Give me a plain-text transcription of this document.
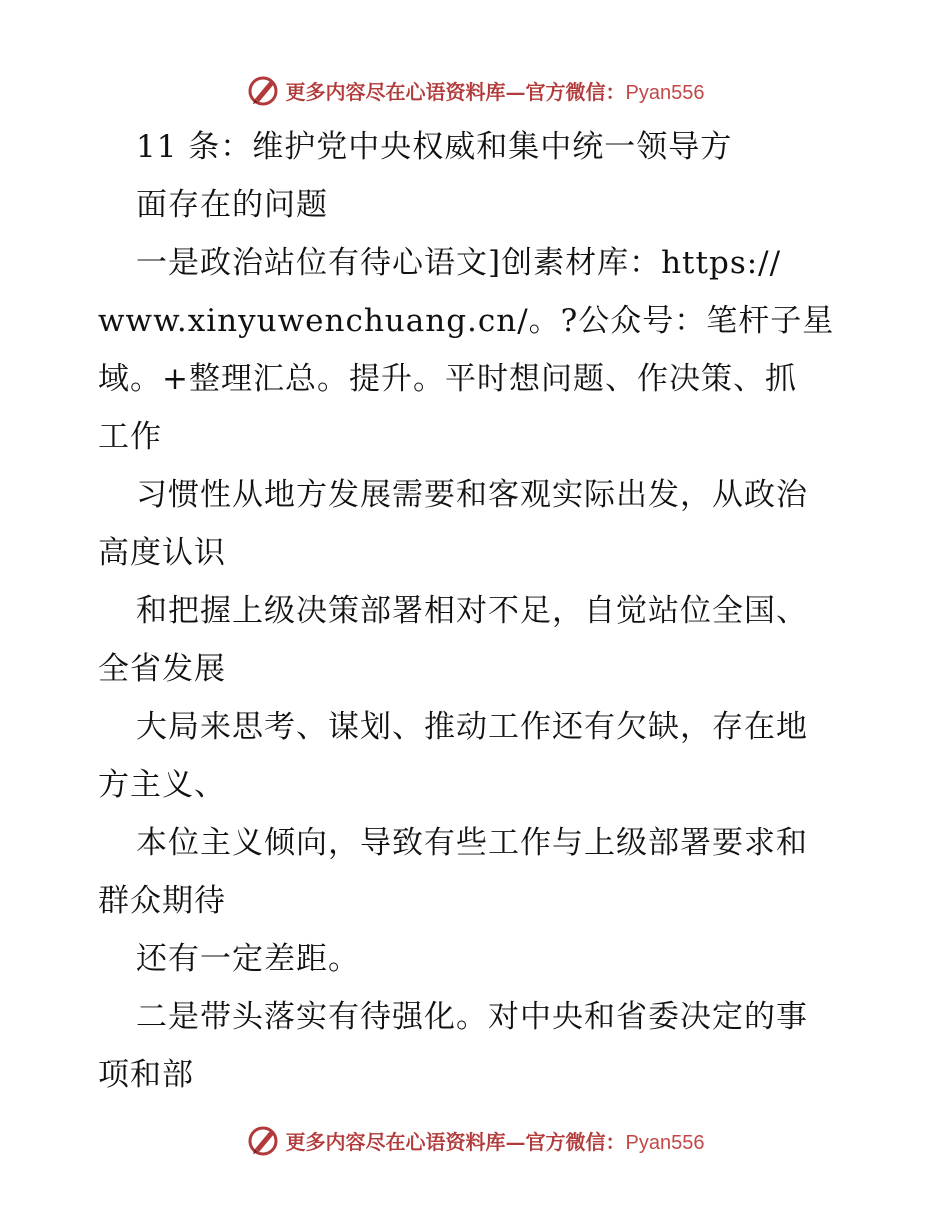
更多内容尽在心语资料库—官方微信：Pyan556
11 条：维护党中央权威和集中统一领导方
面存在的问题
一是政治站位有待心语文]创素材库：https://
www.xinyuwenchuang.cn/。?公众号：笔杆子星
域。+整理汇总。提升。平时想问题、作决策、抓
工作
习惯性从地方发展需要和客观实际出发，从政治
高度认识
和把握上级决策部署相对不足，自觉站位全国、
全省发展
大局来思考、谋划、推动工作还有欠缺，存在地
方主义、
本位主义倾向，导致有些工作与上级部署要求和
群众期待
还有一定差距。
二是带头落实有待强化。对中央和省委决定的事
项和部
更多内容尽在心语资料库—官方微信：Pyan556
